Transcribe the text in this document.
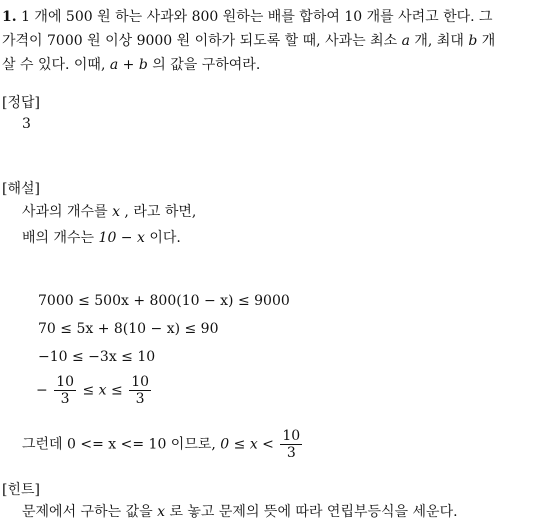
1. 1 개에 500 원 하는 사과와 800 원하는 배를 합하여 10 개를 사려고 한다. 그
가격이 7000 원 이상 9000 원 이하가 되도록 할 때, 사과는 최소 a 개, 최대 b 개
살 수 있다. 이때, a + b 의 값을 구하여라.
[정답]
3
[해설]
사과의 개수를 x , 라고 하면,
배의 개수는 10 − x 이다.
7000 ≤ 500x + 800(10 − x) ≤ 9000
70 ≤ 5x + 8(10 − x) ≤ 90
−10 ≤ −3x ≤ 10
− $\frac{10}{3} \le x \le \frac{10}{3}$
그런데 0 <= x <= 10 이므로, $0 \le x < \frac{10}{3}$
[힌트]
문제에서 구하는 값을 x 로 놓고 문제의 뜻에 따라 연립부등식을 세운다.
